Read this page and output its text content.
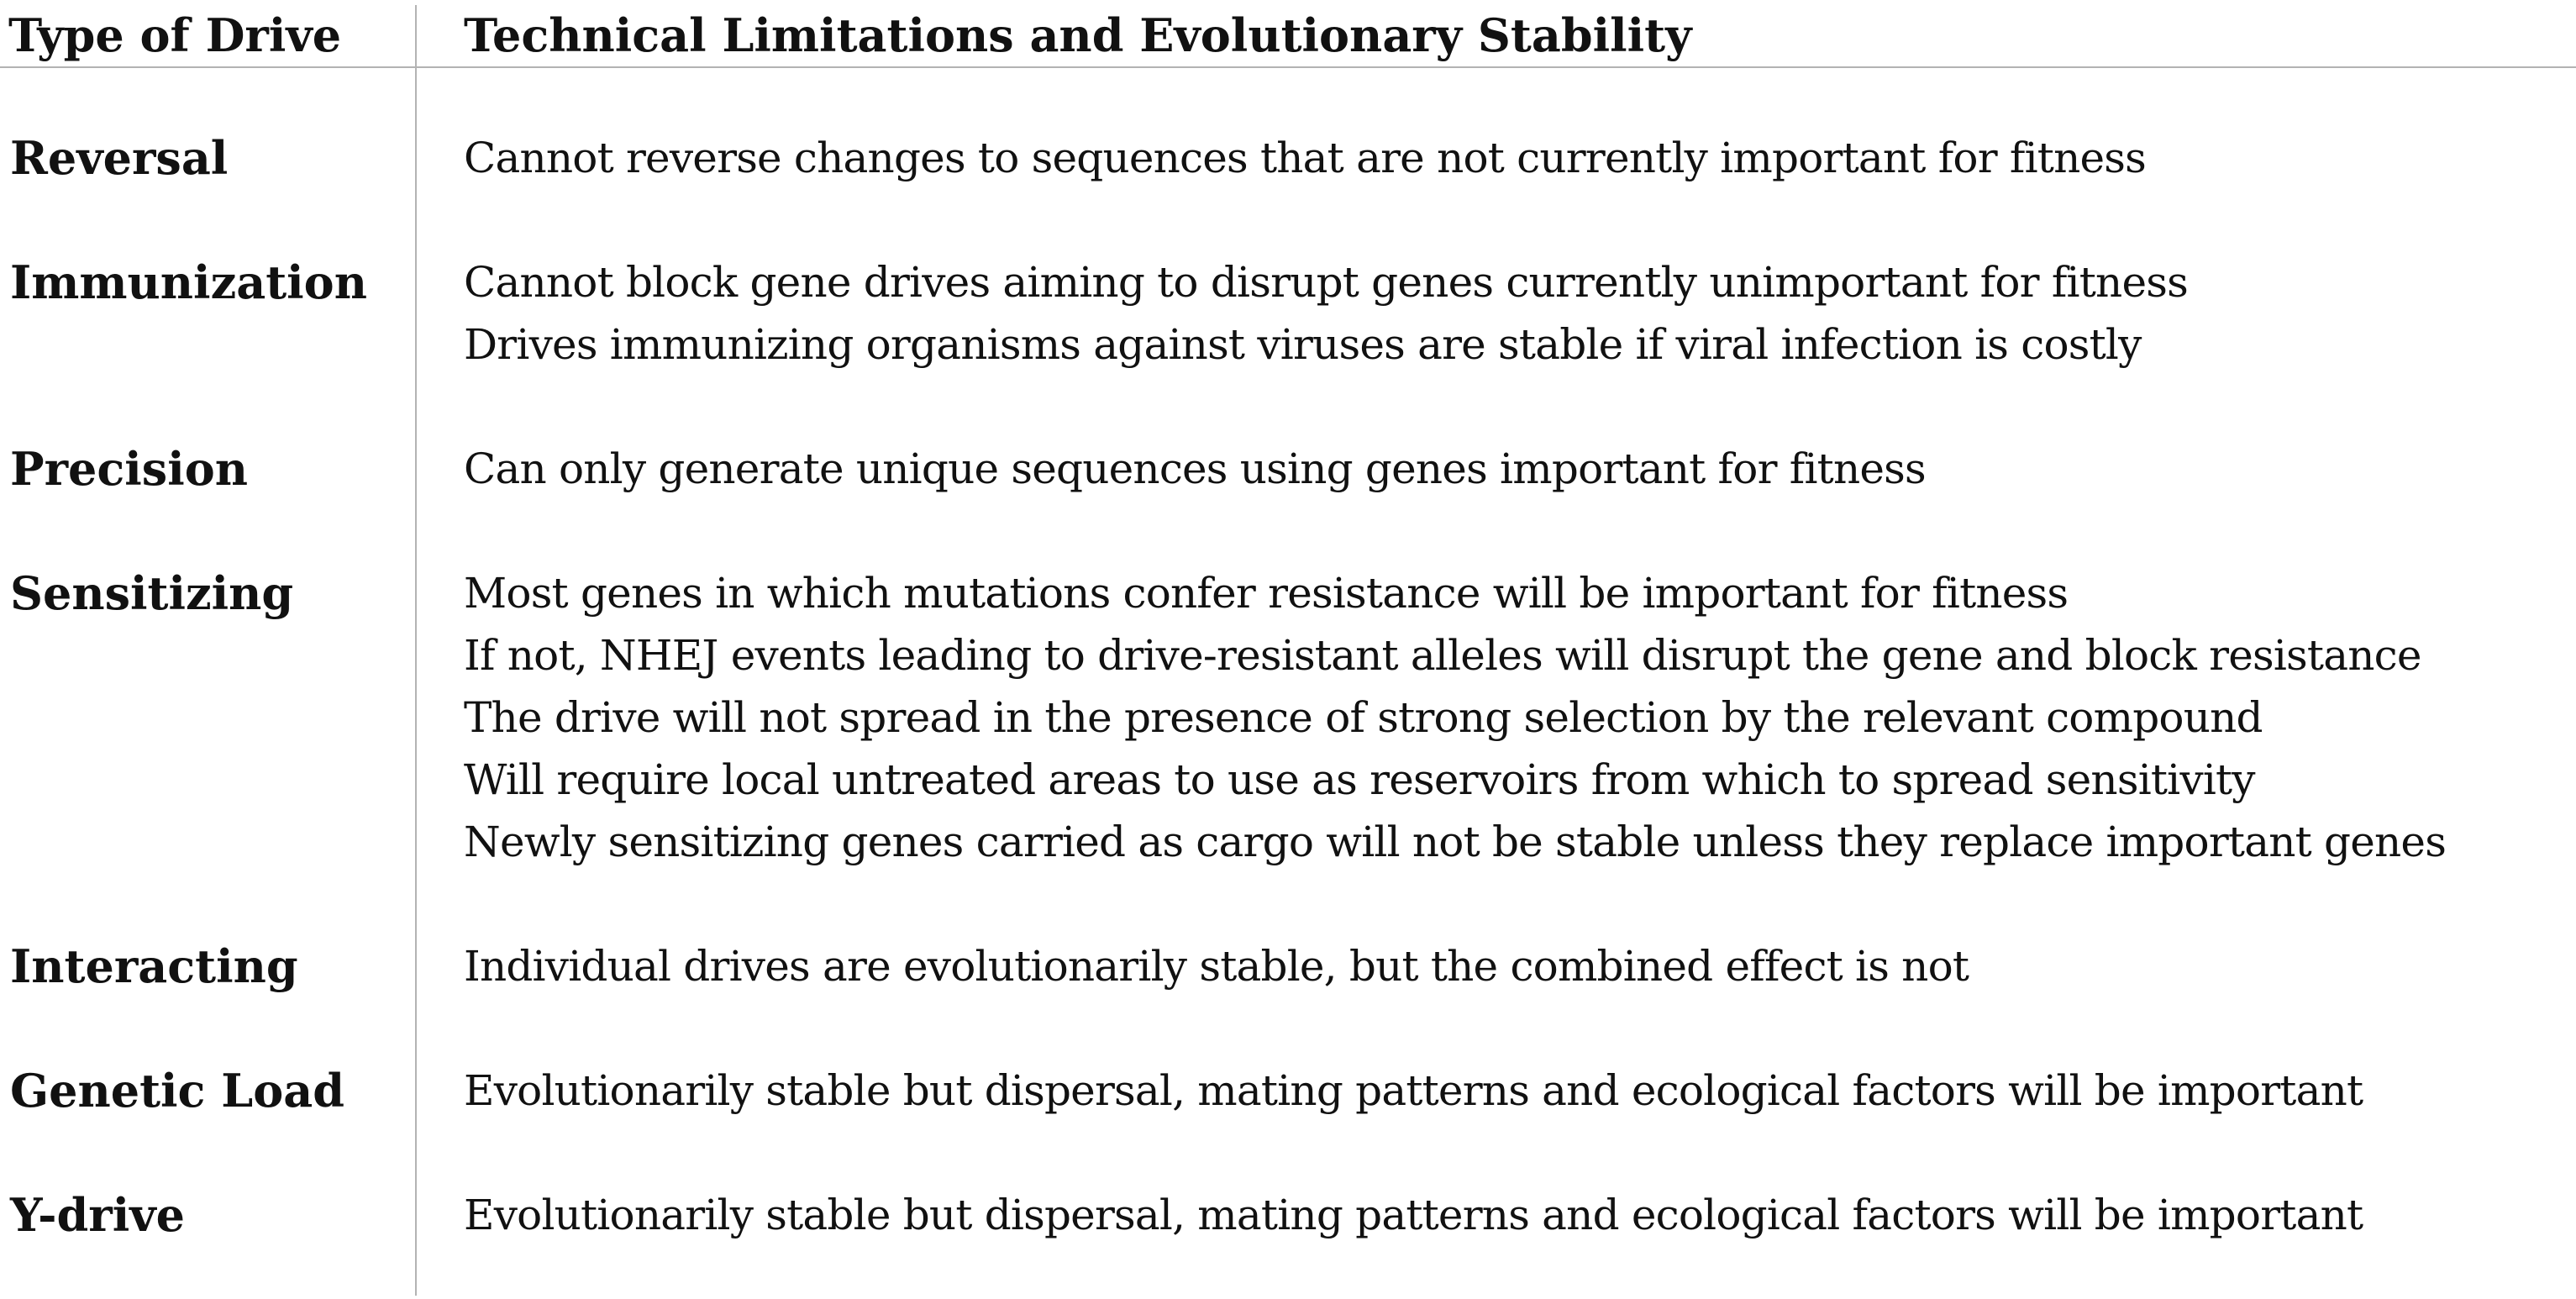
Type of Drive	Technical Limitations and Evolutionary Stability
Reversal	Cannot reverse changes to sequences that are not currently important for fitness
Immunization Cannot block gene drives aiming to disrupt genes currently unimportant for fitness
Drives immunizing organisms against viruses are stable if viral infection is costly
Precision	Can only generate unique sequences using genes important for fitness
Sensitizing	Most genes in which mutations confer resistance will be important for fitness
If not, NHEJ events leading to drive-resistant alleles will disrupt the gene and block resistance
The drive will not spread in the presence of strong selection by the relevant compound
Will require local untreated areas to use as reservoirs from which to spread sensitivity
Newly sensitizing genes carried as cargo will not be stable unless they replace important genes
Interacting	Individual drives are evolutionarily stable, but the combined effect is not
Genetic Load	Evolutionarily stable but dispersal, mating patterns and ecological factors will be important
Y-drive	Evolutionarily stable but dispersal, mating patterns and ecological factors will be important
